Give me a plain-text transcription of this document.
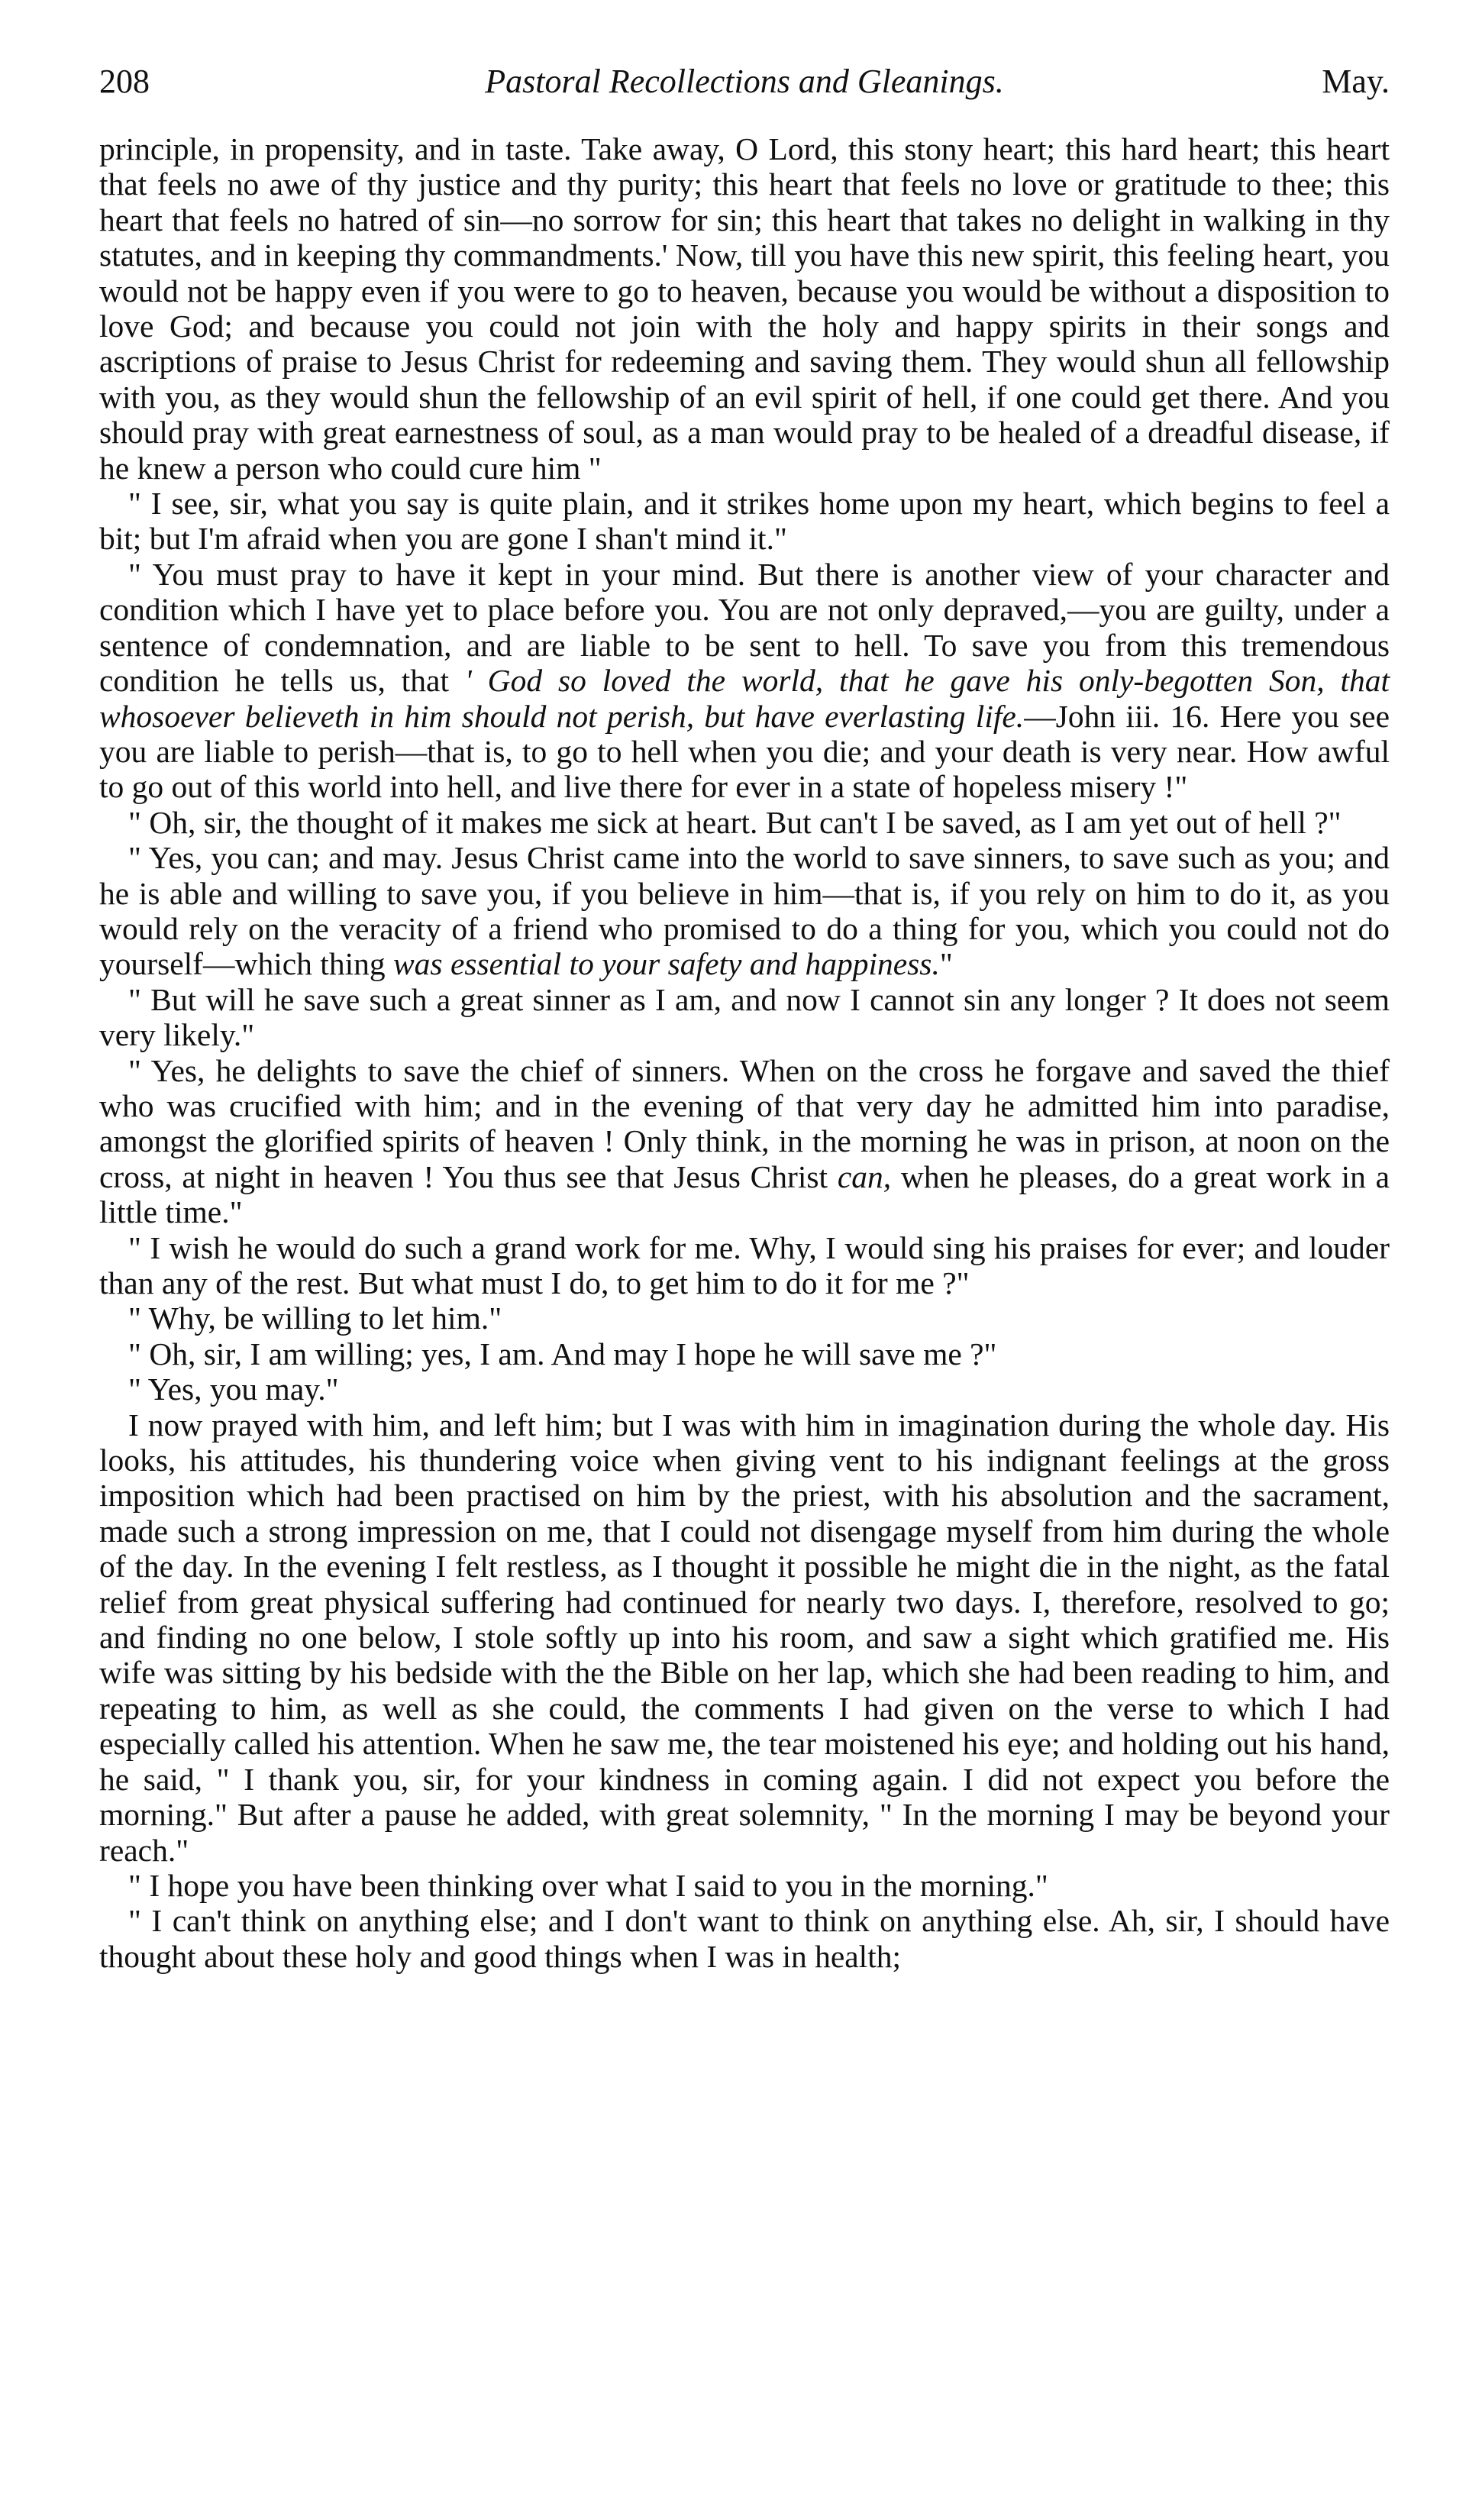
208	Pastoral Recollections and Gleanings.	May.

principle, in propensity, and in taste. Take away, O Lord, this stony heart; this hard heart; this heart that feels no awe of thy justice and thy purity; this heart that feels no love or gratitude to thee; this heart that feels no hatred of sin—no sorrow for sin; this heart that takes no delight in walking in thy statutes, and in keeping thy commandments.' Now, till you have this new spirit, this feeling heart, you would not be happy even if you were to go to heaven, because you would be without a disposition to love God; and because you could not join with the holy and happy spirits in their songs and ascriptions of praise to Jesus Christ for redeeming and saving them. They would shun all fellowship with you, as they would shun the fellowship of an evil spirit of hell, if one could get there. And you should pray with great earnestness of soul, as a man would pray to be healed of a dreadful disease, if he knew a person who could cure him "

" I see, sir, what you say is quite plain, and it strikes home upon my heart, which begins to feel a bit; but I'm afraid when you are gone I shan't mind it."

" You must pray to have it kept in your mind. But there is another view of your character and condition which I have yet to place before you. You are not only depraved,—you are guilty, under a sentence of condemnation, and are liable to be sent to hell. To save you from this tremendous condition he tells us, that ' God so loved the world, that he gave his only-begotten Son, that whosoever believeth in him should not perish, but have everlasting life.—John iii. 16. Here you see you are liable to perish—that is, to go to hell when you die; and your death is very near. How awful to go out of this world into hell, and live there for ever in a state of hopeless misery !"

" Oh, sir, the thought of it makes me sick at heart. But can't I be saved, as I am yet out of hell ?"

" Yes, you can; and may. Jesus Christ came into the world to save sinners, to save such as you; and he is able and willing to save you, if you believe in him—that is, if you rely on him to do it, as you would rely on the veracity of a friend who promised to do a thing for you, which you could not do yourself—which thing was essential to your safety and happiness."

" But will he save such a great sinner as I am, and now I cannot sin any longer ? It does not seem very likely."

" Yes, he delights to save the chief of sinners. When on the cross he forgave and saved the thief who was crucified with him; and in the evening of that very day he admitted him into paradise, amongst the glorified spirits of heaven ! Only think, in the morning he was in prison, at noon on the cross, at night in heaven ! You thus see that Jesus Christ can, when he pleases, do a great work in a little time."

" I wish he would do such a grand work for me. Why, I would sing his praises for ever; and louder than any of the rest. But what must I do, to get him to do it for me ?"

" Why, be willing to let him."

" Oh, sir, I am willing; yes, I am. And may I hope he will save me ?"

" Yes, you may."

I now prayed with him, and left him; but I was with him in imagination during the whole day. His looks, his attitudes, his thundering voice when giving vent to his indignant feelings at the gross imposition which had been practised on him by the priest, with his absolution and the sacrament, made such a strong impression on me, that I could not disengage myself from him during the whole of the day. In the evening I felt restless, as I thought it possible he might die in the night, as the fatal relief from great physical suffering had continued for nearly two days. I, therefore, resolved to go; and finding no one below, I stole softly up into his room, and saw a sight which gratified me. His wife was sitting by his bedside with the the Bible on her lap, which she had been reading to him, and repeating to him, as well as she could, the comments I had given on the verse to which I had especially called his attention. When he saw me, the tear moistened his eye; and holding out his hand, he said, " I thank you, sir, for your kindness in coming again. I did not expect you before the morning." But after a pause he added, with great solemnity, " In the morning I may be beyond your reach."

" I hope you have been thinking over what I said to you in the morning."

" I can't think on anything else; and I don't want to think on anything else. Ah, sir, I should have thought about these holy and good things when I was in health;
